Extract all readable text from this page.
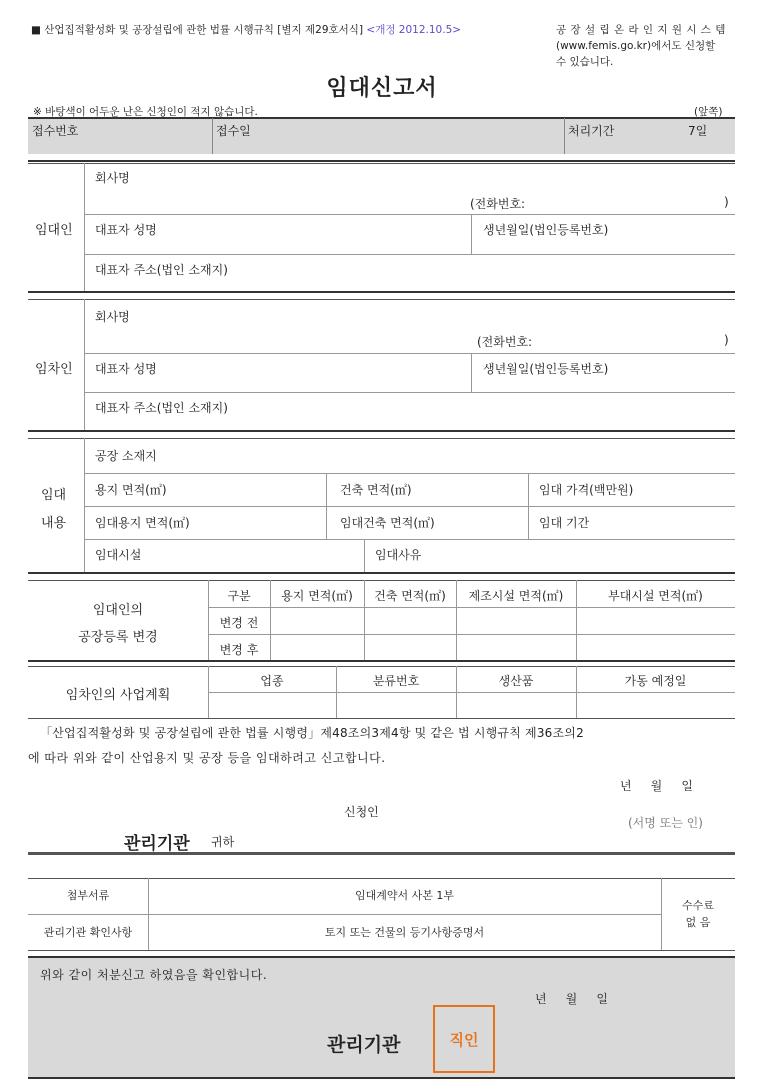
■ 산업집적활성화 및 공장설립에 관한 법률 시행규칙 [별지 제29호서식] <개정 2012.10.5>	공 장 설 립 온 라 인 지 원 시 스 템
(www.femis.go.kr)에서도 신청할
수 있습니다.
임대신고서
※ 바탕색이 어두운 난은 신청인이 적지 않습니다.	(앞쪽)
접수번호	접수일	처리기간	7일
임대인
회사명
(전화번호:	)
대표자 성명	생년월일(법인등록번호)
대표자 주소(법인 소재지)
임차인
회사명
(전화번호:	)
대표자 성명	생년월일(법인등록번호)
대표자 주소(법인 소재지)
임대
내용
공장 소재지
용지 면적(㎡)	건축 면적(㎡)	임대 가격(백만원)
임대용지 면적(㎡)	임대건축 면적(㎡)	임대 기간
임대시설	임대사유
임대인의
공장등록 변경
구분	용지 면적(㎡)	건축 면적(㎡)	제조시설 면적(㎡)	부대시설 면적(㎡)
변경 전
변경 후
임차인의 사업계획
업종	분류번호	생산품	가동 예정일
「산업집적활성화 및 공장설립에 관한 법률 시행령」제48조의3제4항 및 같은 법 시행규칙 제36조의2
에 따라 위와 같이 산업용지 및 공장 등을 임대하려고 신고합니다.
년     월     일
신청인
(서명 또는 인)
관리기관 귀하
첨부서류	임대계약서 사본 1부
관리기관 확인사항	토지 또는 건물의 등기사항증명서
수수료
없 음
위와 같이 처분신고 하였음을 확인합니다.
년     월     일
관리기관	직인
